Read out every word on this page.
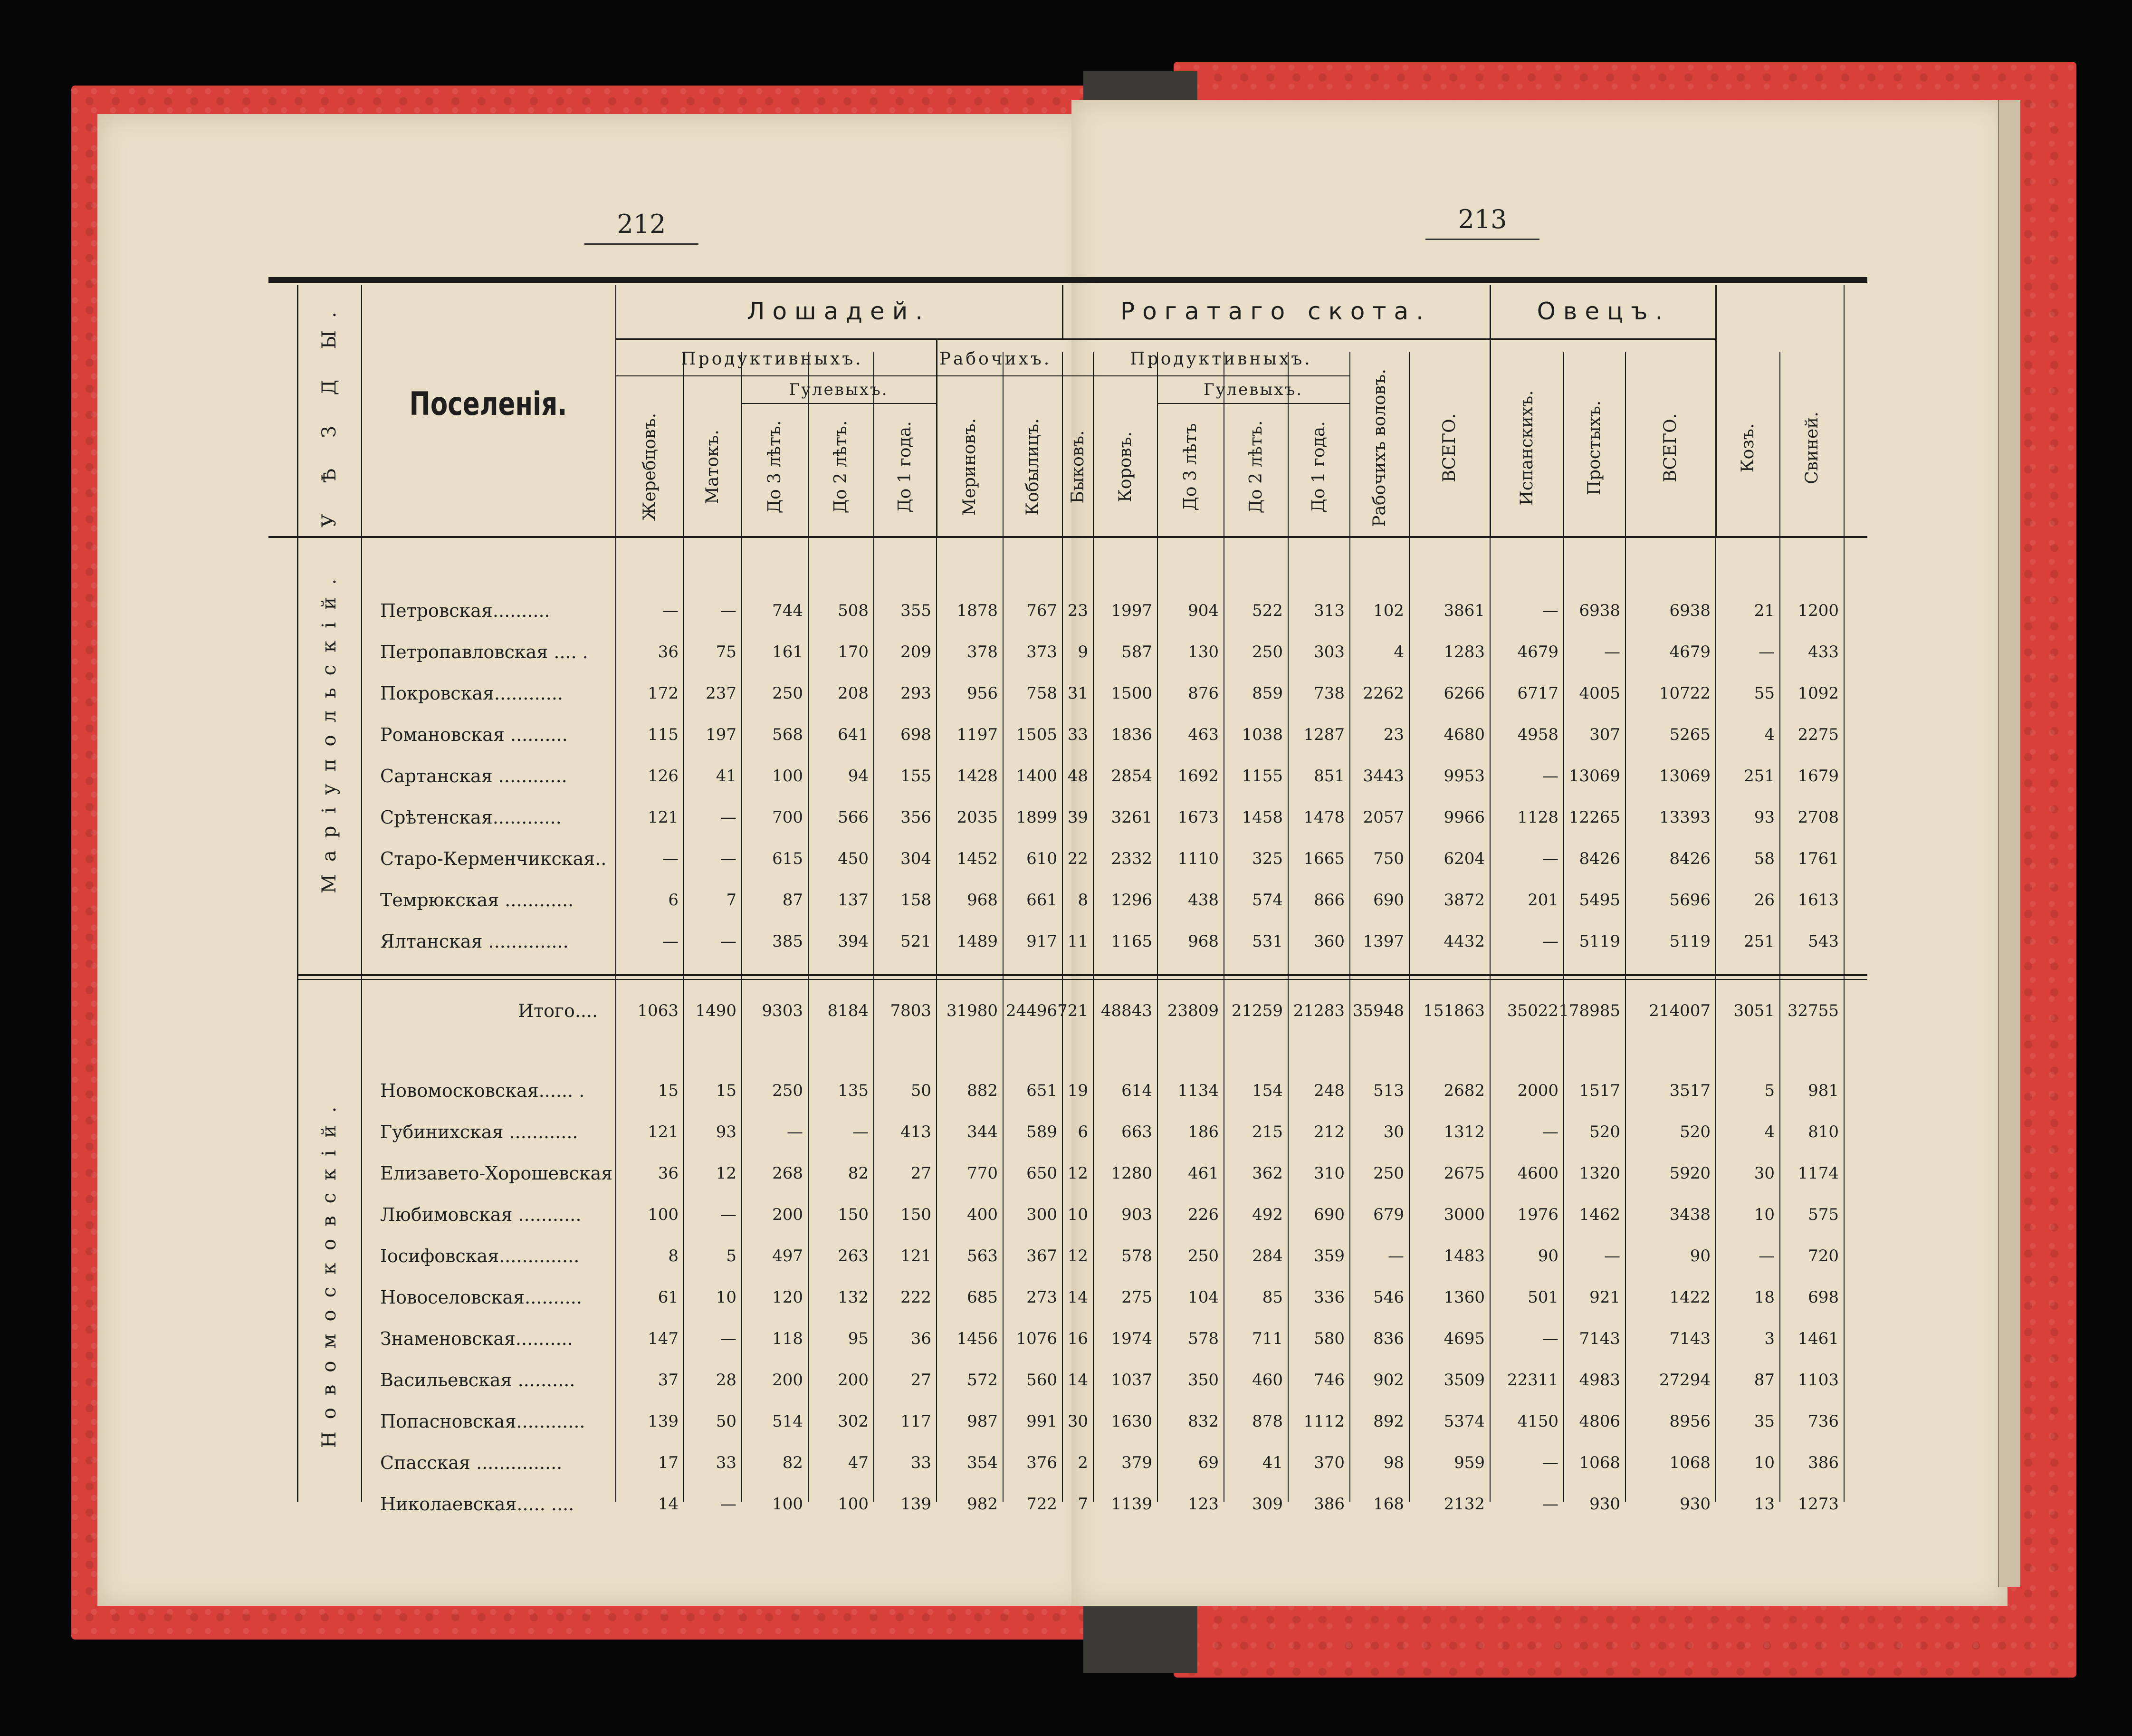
212	213
Лошадей.	Рогатаго скота.	Овецъ.
Продуктивныхъ.	Рабочихъ.	Продуктивныхъ.
Гулевыхъ.	Гулевыхъ.
Жеребцовъ.	Матокъ.	До 3 лѣтъ.	До 2 лѣтъ.	До 1 года.	Мериновъ.	Кобылицъ. Быковъ. Коровъ.	До 3 лѣтъ	До 2 лѣтъ.	До 1 года. Рабочихъ воловъ.	ВСЕГО.	Испанскихъ.	Простыхъ.	ВСЕГО.	Козъ.	Свиней.
Поселенія.
У Ѣ З Д Ы.
Петровская..........	—	—	744	508	355	1878	767 23	1997	904	522	313	102	3861	—	6938	6938	21	1200
Петропавловская .... .	36	75	161	170	209	378	373	9	587	130	250	303	4	1283	4679	—	4679	—	433
Покровская............	172	237	250	208	293	956	758 31	1500	876	859	738	2262	6266	6717	4005	10722	55	1092
Романовская ..........	115	197	568	641	698	1197	1505 33	1836	463	1038	1287	23	4680	4958	307	5265	4	2275
Сартанская ............	126	41	100	94	155	1428	1400 48	2854	1692	1155	851	3443	9953	— 13069	13069	251	1679
Срѣтенская............	121	—	700	566	356	2035	1899 39	3261	1673	1458	1478	2057	9966	1128 12265	13393	93	2708
Старо-Керменчикская..	—	—	615	450	304	1452	610 22	2332	1110	325	1665	750	6204	—	8426	8426	58	1761
Темрюкская ............	6	7	87	137	158	968	661	8	1296	438	574	866	690	3872	201	5495	5696	26	1613
Ялтанская ..............	—	—	385	394	521	1489	917 11	1165	968	531	360	1397	4432	—	5119	5119	251	543
Итого....	1063	1490	9303	8184	7803 31980 24496 721 48843 23809 21259 21283 35948	151863	35022 178985	214007	3051 32755
Новомосковская...... .	15	15	250	135	50	882	651 19	614	1134	154	248	513	2682	2000	1517	3517	5	981
Губинихская ............	121	93	—	—	413	344	589	6	663	186	215	212	30	1312	—	520	520	4	810
Елизавето-Хорошевская	36	12	268	82	27	770	650 12	1280	461	362	310	250	2675	4600	1320	5920	30	1174
Любимовская ...........	100	—	200	150	150	400	300 10	903	226	492	690	679	3000	1976	1462	3438	10	575
Іосифовская..............	8	5	497	263	121	563	367 12	578	250	284	359	—	1483	90	—	90	—	720
Новоселовская..........	61	10	120	132	222	685	273 14	275	104	85	336	546	1360	501	921	1422	18	698
Знаменовская..........	147	—	118	95	36	1456	1076 16	1974	578	711	580	836	4695	—	7143	7143	3	1461
Васильевская ..........	37	28	200	200	27	572	560 14	1037	350	460	746	902	3509	22311	4983	27294	87	1103
Попасновская............	139	50	514	302	117	987	991 30	1630	832	878	1112	892	5374	4150	4806	8956	35	736
Спасская ...............	17	33	82	47	33	354	376	2	379	69	41	370	98	959	—	1068	1068	10	386
Николаевская..... ....	14	—	100	100	139	982	722	7	1139	123	309	386	168	2132	—	930	930	13	1273
Маріупольскій.
Новомосковскій.
